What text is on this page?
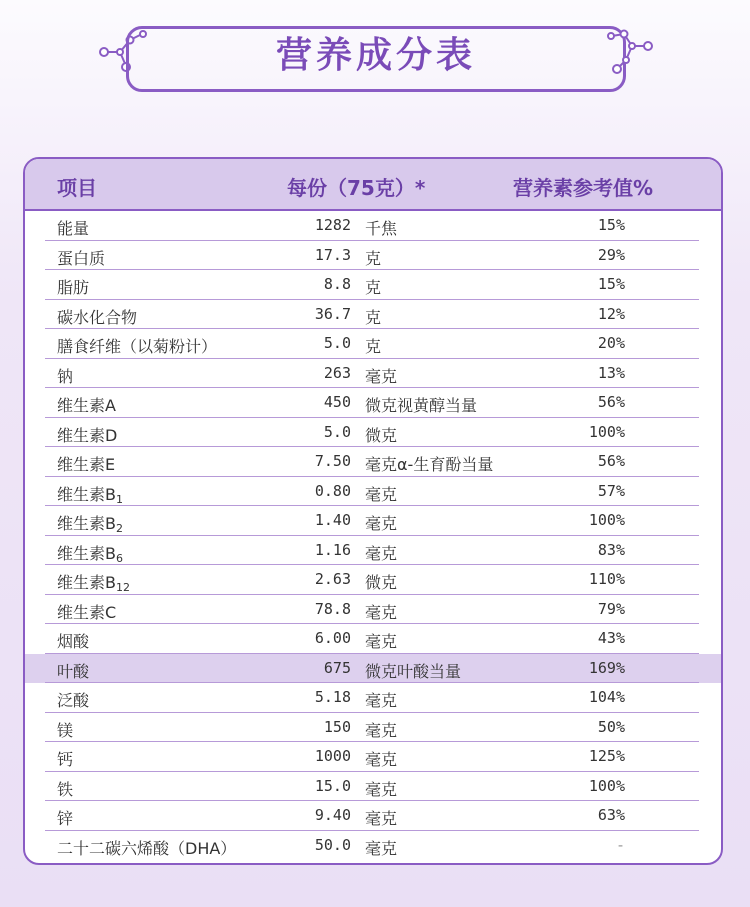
营养成分表
项目	每份（75克）*	营养素参考值%
能量	1282 千焦	15%
蛋白质	17.3 克	29%
脂肪	8.8 克	15%
碳水化合物	36.7 克	12%
膳食纤维（以菊粉计）	5.0 克	20%
钠	263 毫克	13%
维生素A	450 微克视黄醇当量	56%
维生素D	5.0 微克	100%
维生素E	7.50 毫克α-生育酚当量	56%
维生素B1	0.80 毫克	57%
维生素B2	1.40 毫克	100%
维生素B6	1.16 毫克	83%
维生素B12	2.63 微克	110%
维生素C	78.8 毫克	79%
烟酸	6.00 毫克	43%
叶酸	675 微克叶酸当量	169%
泛酸	5.18 毫克	104%
镁	150 毫克	50%
钙	1000 毫克	125%
铁	15.0 毫克	100%
锌	9.40 毫克	63%
二十二碳六烯酸（DHA）	50.0 毫克	-
